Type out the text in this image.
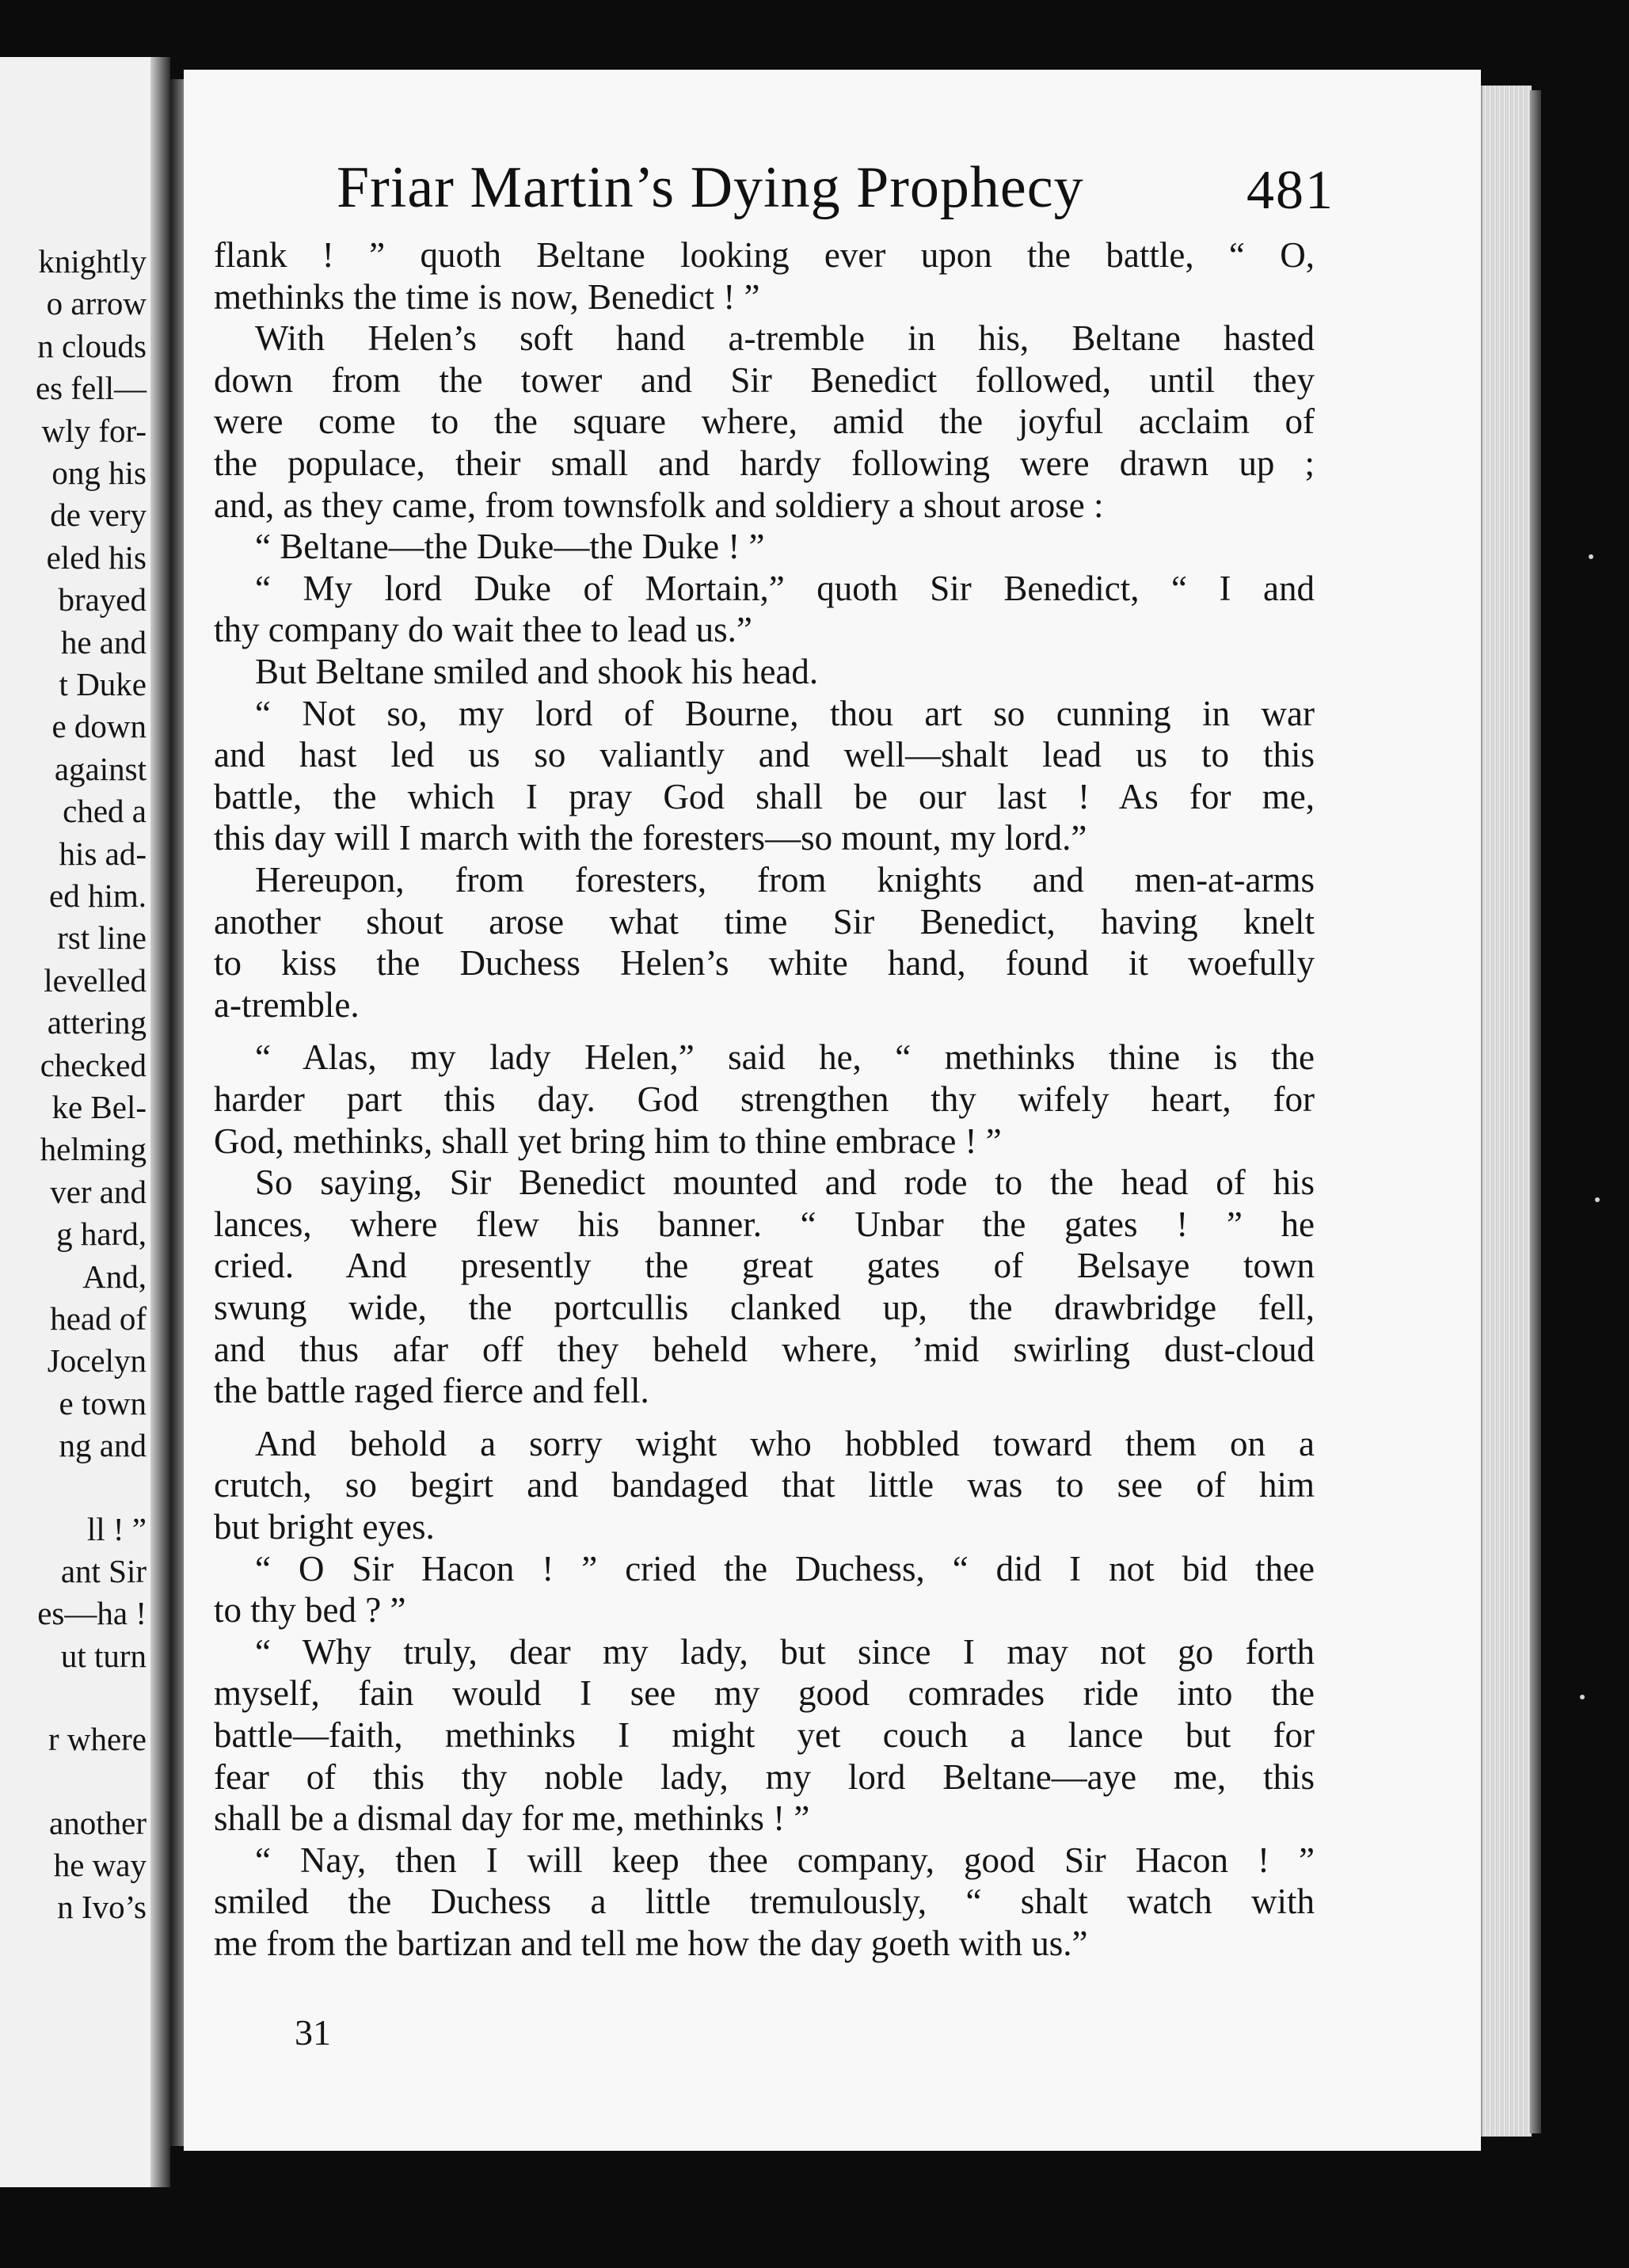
knightly
o arrow
n clouds
es fell—
wly for-
ong his
de very
eled his
brayed
he and
t Duke
e down
against
ched a
his ad-
ed him.
rst line
levelled
attering
checked
ke Bel-
helming
ver and
g hard,
And,
head of
Jocelyn
e town
ng and
ll ! ”
ant Sir
es—ha !
ut turn
r where
another
he way
n Ivo’s
Friar Martin’s Dying Prophecy	481
flank ! ” quoth Beltane looking ever upon the battle, “ O,
methinks the time is now, Benedict ! ”
With Helen’s soft hand a-tremble in his, Beltane hasted
down from the tower and Sir Benedict followed, until they
were come to the square where, amid the joyful acclaim of
the populace, their small and hardy following were drawn up ;
and, as they came, from townsfolk and soldiery a shout arose :
“ Beltane—the Duke—the Duke ! ”
“ My lord Duke of Mortain,” quoth Sir Benedict, “ I and
thy company do wait thee to lead us.”
But Beltane smiled and shook his head.
“ Not so, my lord of Bourne, thou art so cunning in war
and hast led us so valiantly and well—shalt lead us to this
battle, the which I pray God shall be our last ! As for me,
this day will I march with the foresters—so mount, my lord.”
Hereupon, from foresters, from knights and men-at-arms
another shout arose what time Sir Benedict, having knelt
to kiss the Duchess Helen’s white hand, found it woefully
a-tremble.
“ Alas, my lady Helen,” said he, “ methinks thine is the
harder part this day. God strengthen thy wifely heart, for
God, methinks, shall yet bring him to thine embrace ! ”
So saying, Sir Benedict mounted and rode to the head of his
lances, where flew his banner. “ Unbar the gates ! ” he
cried. And presently the great gates of Belsaye town
swung wide, the portcullis clanked up, the drawbridge fell,
and thus afar off they beheld where, ’mid swirling dust-cloud
the battle raged fierce and fell.
And behold a sorry wight who hobbled toward them on a
crutch, so begirt and bandaged that little was to see of him
but bright eyes.
“ O Sir Hacon ! ” cried the Duchess, “ did I not bid thee
to thy bed ? ”
“ Why truly, dear my lady, but since I may not go forth
myself, fain would I see my good comrades ride into the
battle—faith, methinks I might yet couch a lance but for
fear of this thy noble lady, my lord Beltane—aye me, this
shall be a dismal day for me, methinks ! ”
“ Nay, then I will keep thee company, good Sir Hacon ! ”
smiled the Duchess a little tremulously, “ shalt watch with
me from the bartizan and tell me how the day goeth with us.”
31
